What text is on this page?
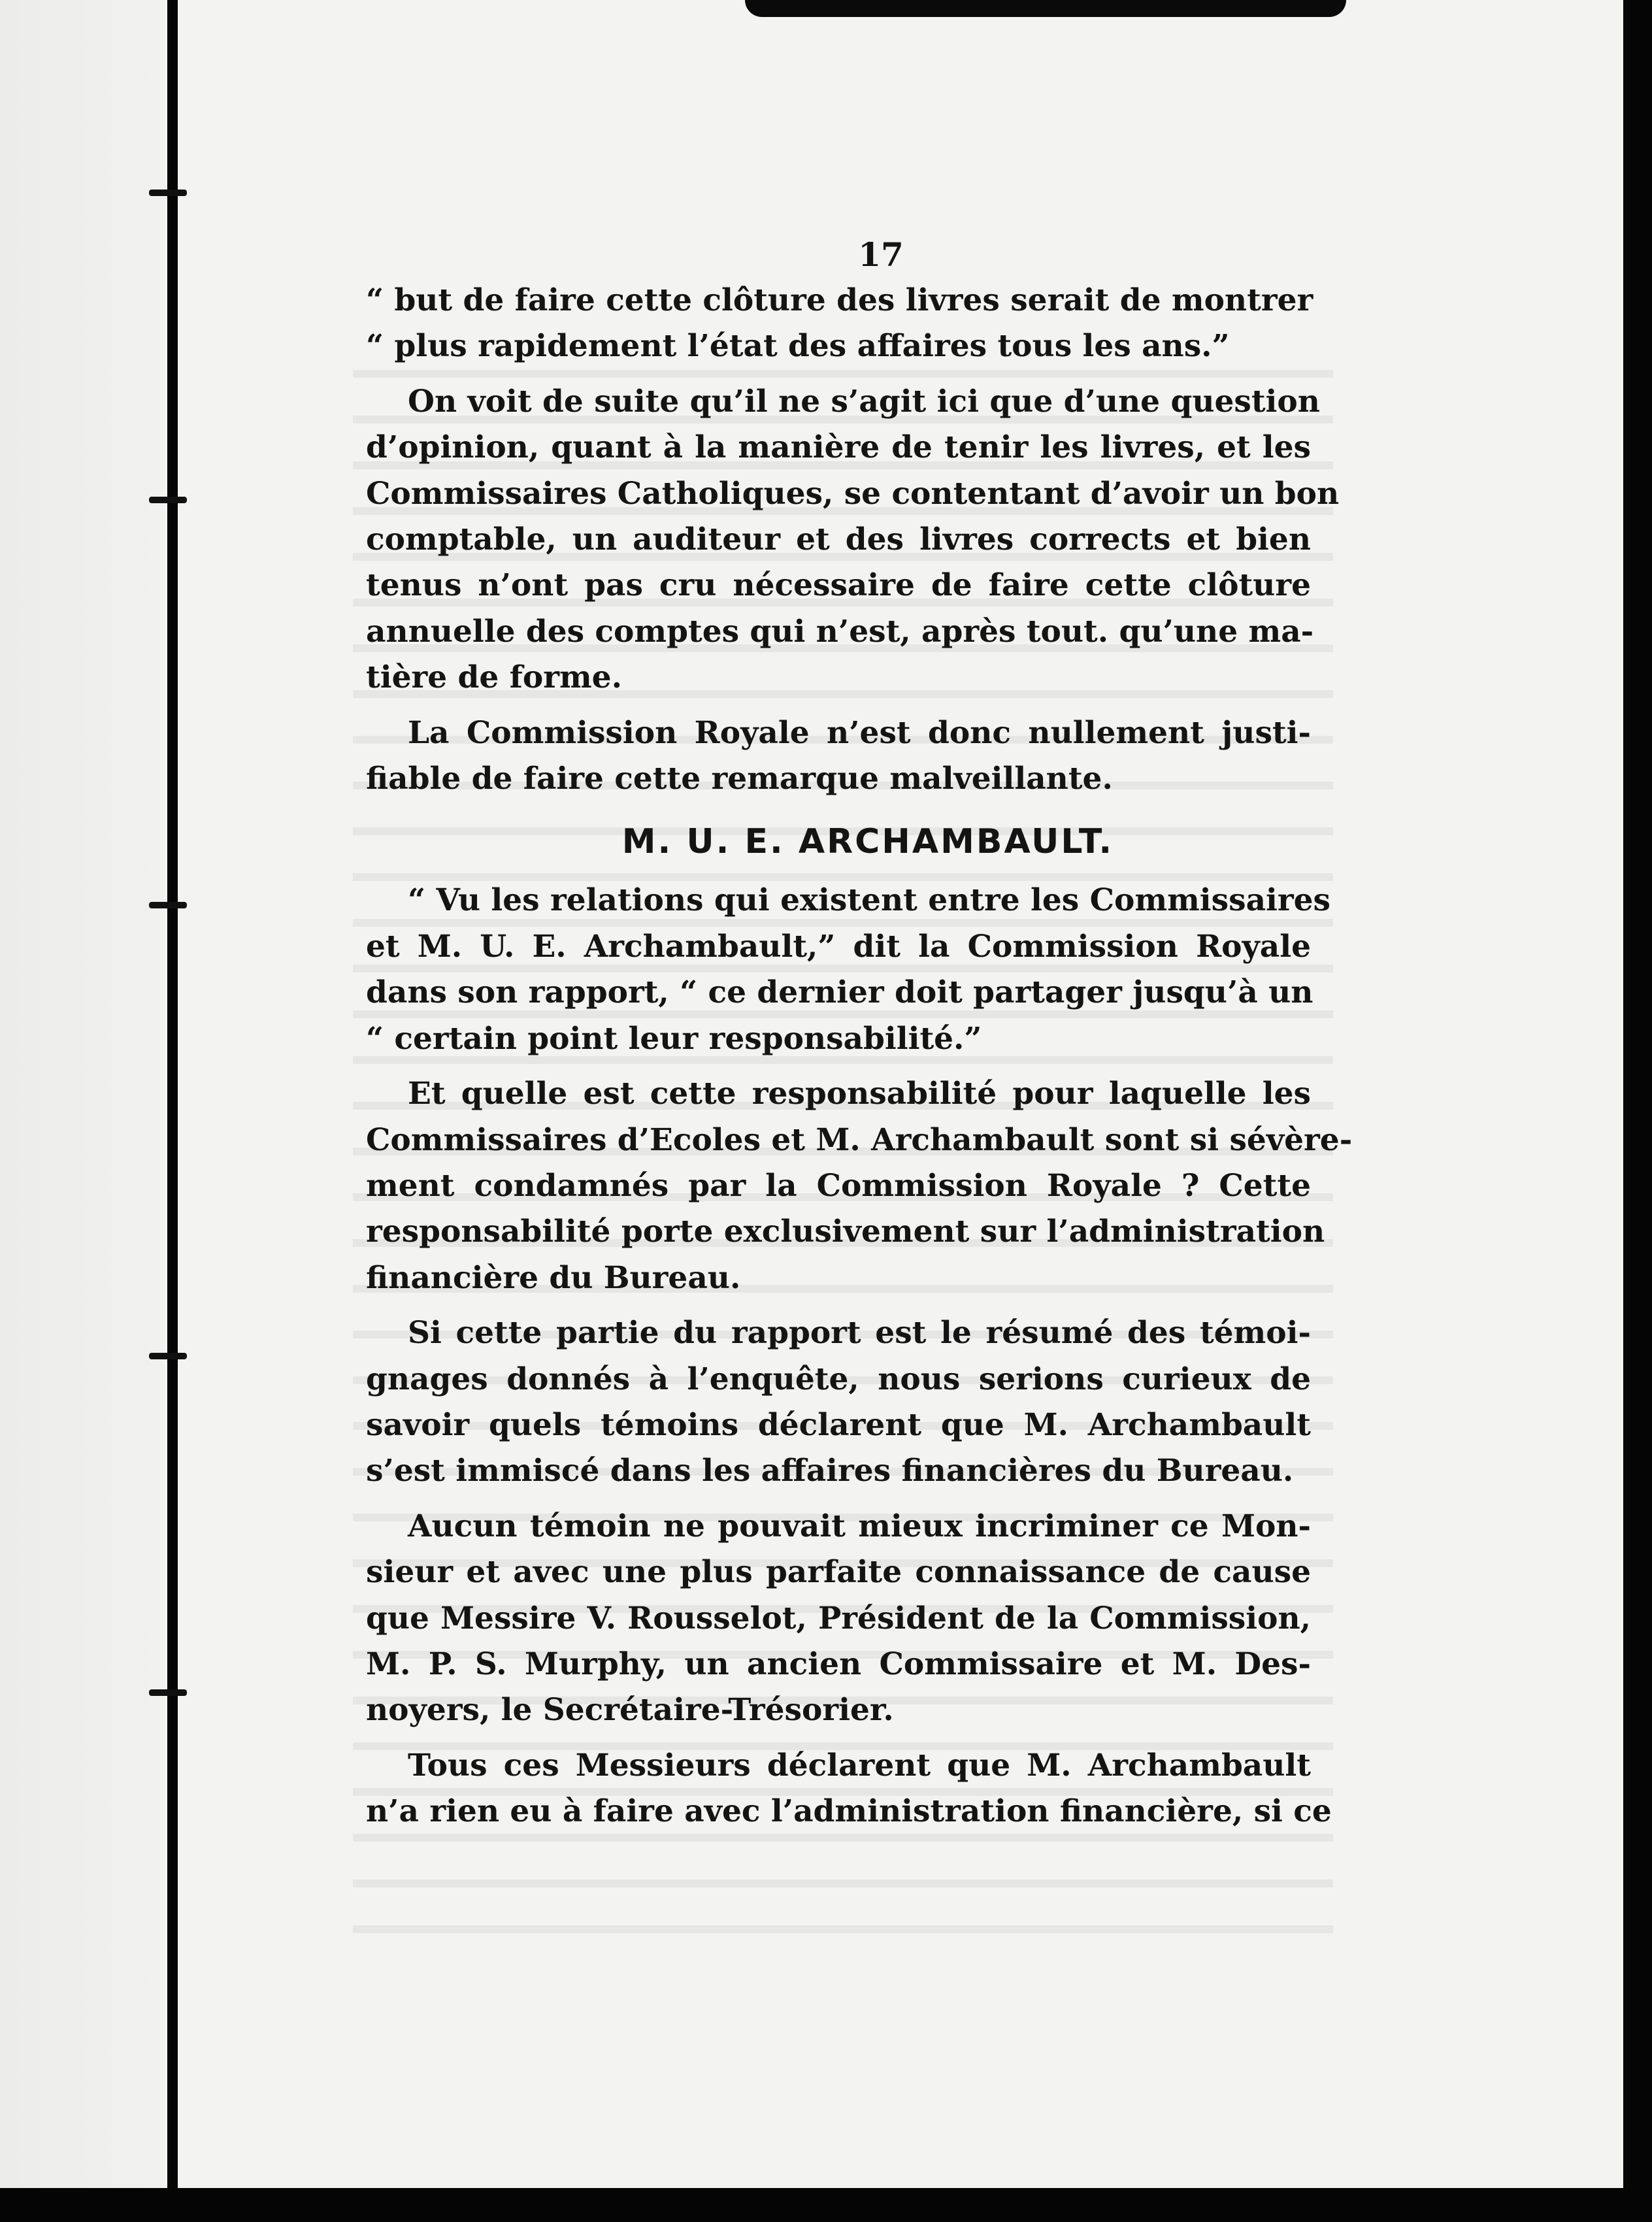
17
“ but de faire cette clôture des livres serait de montrer
“ plus rapidement l’état des affaires tous les ans.”
On voit de suite qu’il ne s’agit ici que d’une question
d’opinion, quant à la manière de tenir les livres, et les
Commissaires Catholiques, se contentant d’avoir un bon
comptable, un auditeur et des livres corrects et bien
tenus n’ont pas cru nécessaire de faire cette clôture
annuelle des comptes qui n’est, après tout. qu’une ma-
tière de forme.
La Commission Royale n’est donc nullement justi-
fiable de faire cette remarque malveillante.
M. U. E. ARCHAMBAULT.
“ Vu les relations qui existent entre les Commissaires
et M. U. E. Archambault,” dit la Commission Royale
dans son rapport, “ ce dernier doit partager jusqu’à un
“ certain point leur responsabilité.”
Et quelle est cette responsabilité pour laquelle les
Commissaires d’Ecoles et M. Archambault sont si sévère-
ment condamnés par la Commission Royale ? Cette
responsabilité porte exclusivement sur l’administration
financière du Bureau.
Si cette partie du rapport est le résumé des témoi-
gnages donnés à l’enquête, nous serions curieux de
savoir quels témoins déclarent que M. Archambault
s’est immiscé dans les affaires financières du Bureau.
Aucun témoin ne pouvait mieux incriminer ce Mon-
sieur et avec une plus parfaite connaissance de cause
que Messire V. Rousselot, Président de la Commission,
M. P. S. Murphy, un ancien Commissaire et M. Des-
noyers, le Secrétaire-Trésorier.
Tous ces Messieurs déclarent que M. Archambault
n’a rien eu à faire avec l’administration financière, si ce
